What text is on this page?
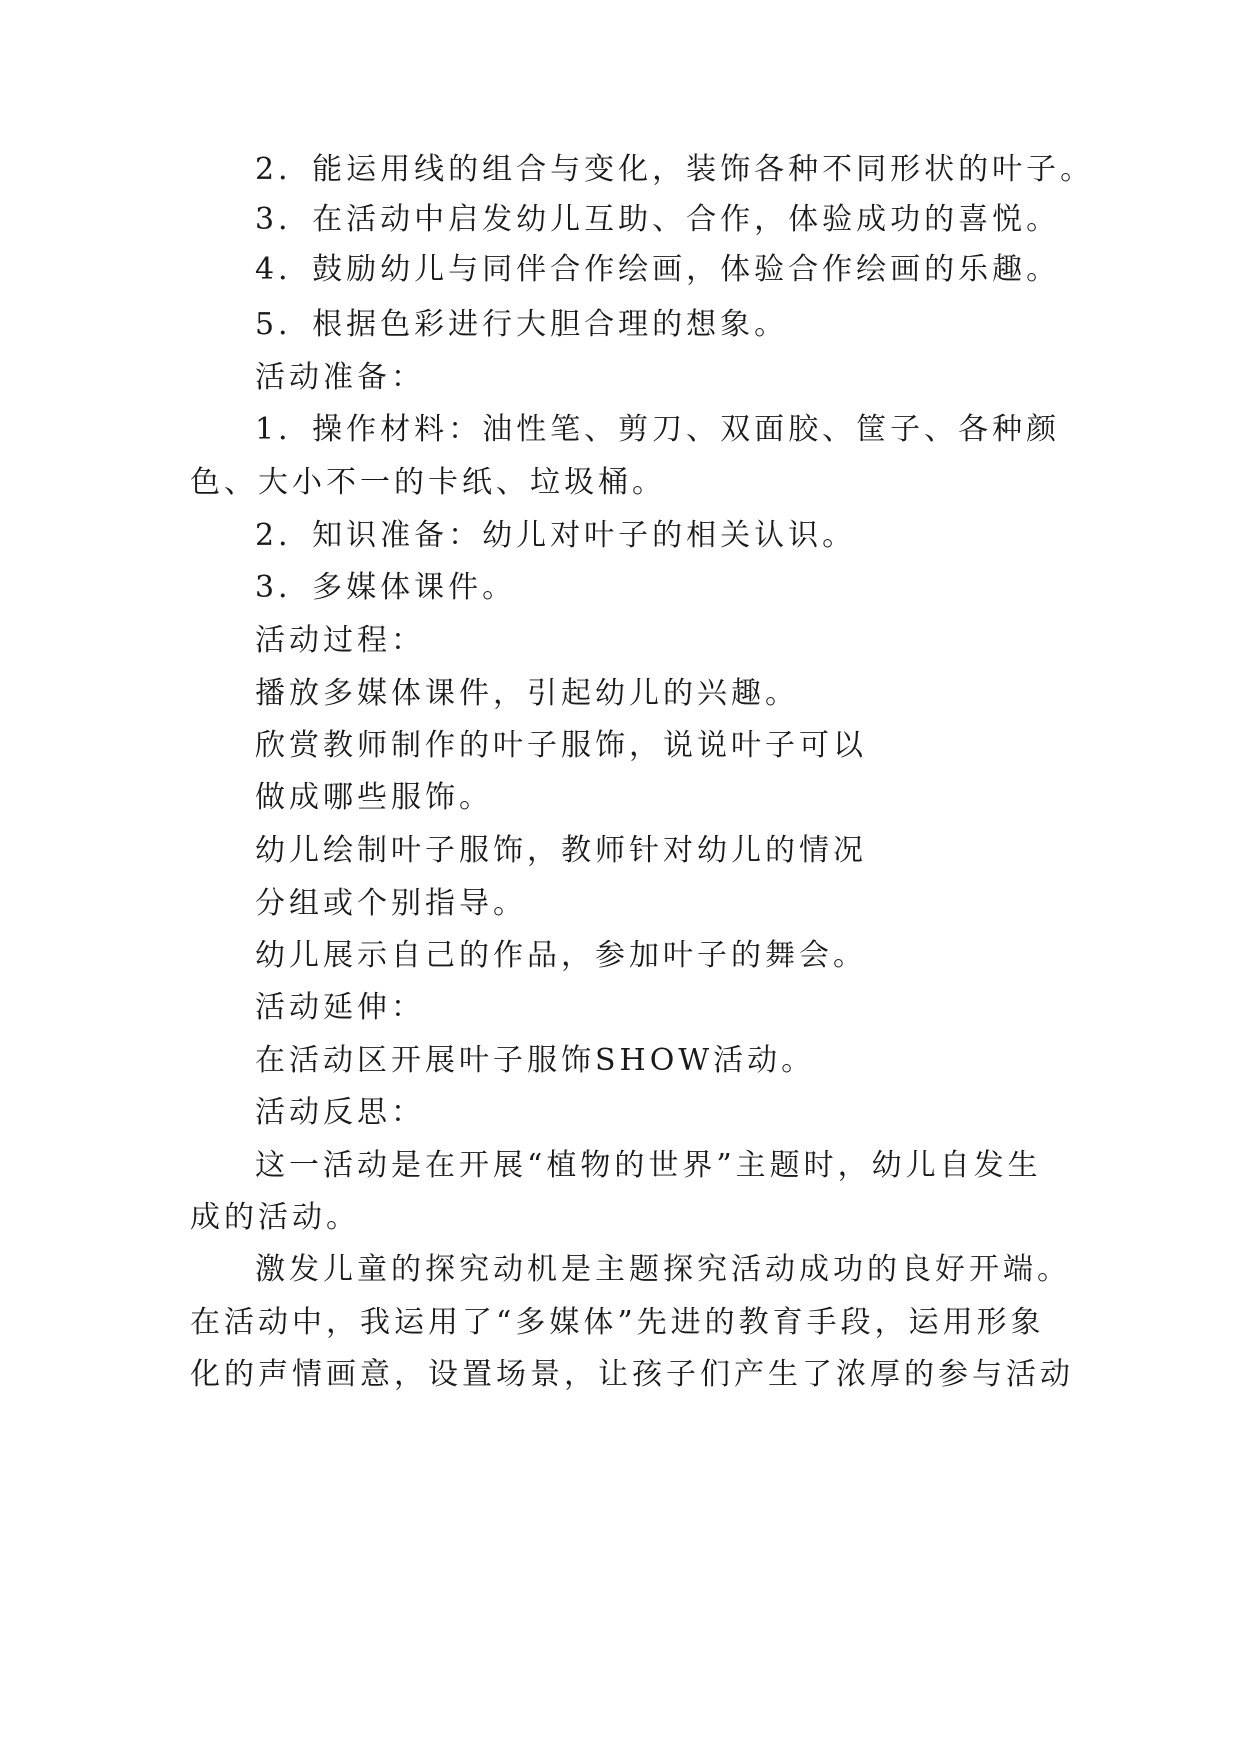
2．能运用线的组合与变化，装饰各种不同形状的叶子。
3．在活动中启发幼儿互助、合作，体验成功的喜悦。
4．鼓励幼儿与同伴合作绘画，体验合作绘画的乐趣。
5．根据色彩进行大胆合理的想象。
活动准备：
1．操作材料：油性笔、剪刀、双面胶、筐子、各种颜
色、大小不一的卡纸、垃圾桶。
2．知识准备：幼儿对叶子的相关认识。
3．多媒体课件。
活动过程：
播放多媒体课件，引起幼儿的兴趣。
欣赏教师制作的叶子服饰，说说叶子可以
做成哪些服饰。
幼儿绘制叶子服饰，教师针对幼儿的情况
分组或个别指导。
幼儿展示自己的作品，参加叶子的舞会。
活动延伸：
在活动区开展叶子服饰SHOW活动。
活动反思：
这一活动是在开展“植物的世界”主题时，幼儿自发生
成的活动。
激发儿童的探究动机是主题探究活动成功的良好开端。
在活动中，我运用了“多媒体”先进的教育手段，运用形象
化的声情画意，设置场景，让孩子们产生了浓厚的参与活动
